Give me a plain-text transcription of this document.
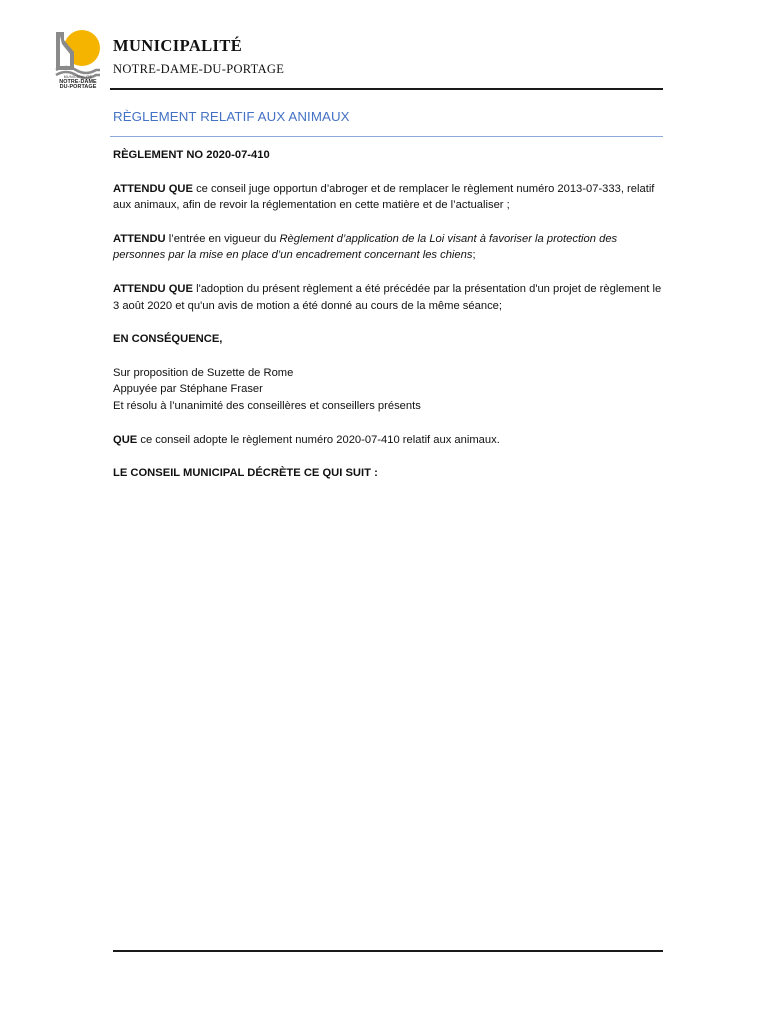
MUNICIPALITÉ
NOTRE-DAME
DU-PORTAGE
MUNICIPALITÉ
NOTRE-DAME-DU-PORTAGE
RÈGLEMENT RELATIF AUX ANIMAUX

RÈGLEMENT NO 2020-07-410

ATTENDU QUE ce conseil juge opportun d’abroger et de remplacer le règlement numéro 2013-07-333, relatif aux animaux, afin de revoir la réglementation en cette matière et de l’actualiser ;

ATTENDU l’entrée en vigueur du Règlement d’application de la Loi visant à favoriser la protection des personnes par la mise en place d’un encadrement concernant les chiens;

ATTENDU QUE l'adoption du présent règlement a été précédée par la présentation d'un projet de règlement le 3 août 2020 et qu'un avis de motion a été donné au cours de la même séance;

EN CONSÉQUENCE,

Sur proposition de Suzette de Rome

Appuyée par Stéphane Fraser

Et résolu à l’unanimité des conseillères et conseillers présents

QUE ce conseil adopte le règlement numéro 2020-07-410 relatif aux animaux.

LE CONSEIL MUNICIPAL DÉCRÈTE CE QUI SUIT :
